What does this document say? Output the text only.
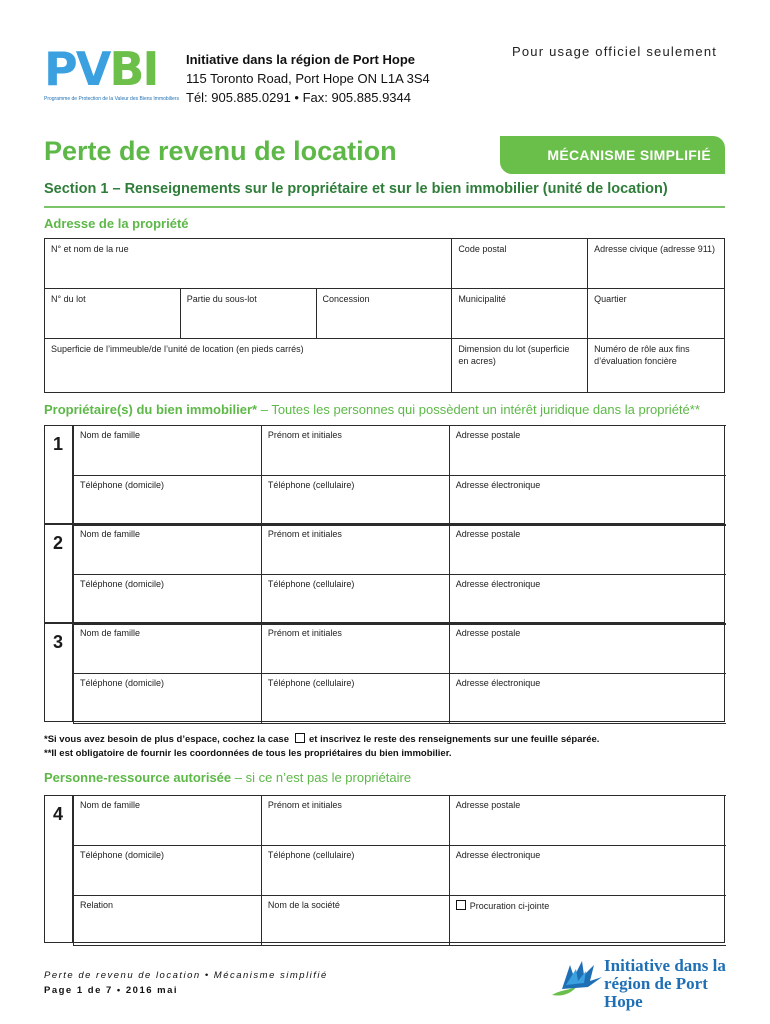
PVBI
Programme de Protection de la Valeur des Biens Immobiliers
Initiative dans la région de Port Hope
115 Toronto Road, Port Hope ON L1A 3S4
Tél: 905.885.0291 • Fax: 905.885.9344
Pour usage officiel seulement
Perte de revenu de location	MÉCANISME SIMPLIFIÉ
Section 1 – Renseignements sur le propriétaire et sur le bien immobilier (unité de location)
Adresse de la propriété
N° et nom de la rue			Code postal	Adresse civique (adresse 911)
N° du lot	Partie du sous-lot	Concession	Municipalité	Quartier
Superficie de l’immeuble/de l’unité de location (en pieds carrés)			Dimension du lot (superficie en acres)	Numéro de rôle aux fins d’évaluation foncière
Propriétaire(s) du bien immobilier* – Toutes les personnes qui possèdent un intérêt juridique dans la propriété**
1	Nom de famille	Prénom et initiales	Adresse postale
Téléphone (domicile)	Téléphone (cellulaire)	Adresse électronique
2	Nom de famille	Prénom et initiales	Adresse postale
Téléphone (domicile)	Téléphone (cellulaire)	Adresse électronique
3	Nom de famille	Prénom et initiales	Adresse postale
Téléphone (domicile)	Téléphone (cellulaire)	Adresse électronique
*Si vous avez besoin de plus d’espace, cochez la case et inscrivez le reste des renseignements sur une feuille séparée.
**Il est obligatoire de fournir les coordonnées de tous les propriétaires du bien immobilier.
Personne-ressource autorisée – si ce n’est pas le propriétaire
4	Nom de famille	Prénom et initiales	Adresse postale
Téléphone (domicile)	Téléphone (cellulaire)	Adresse électronique
Relation	Nom de la société	Procuration ci-jointe
Perte de revenu de location • Mécanisme simplifié
Page 1 de 7 • 2016 mai
Initiative dans la
région de Port Hope
